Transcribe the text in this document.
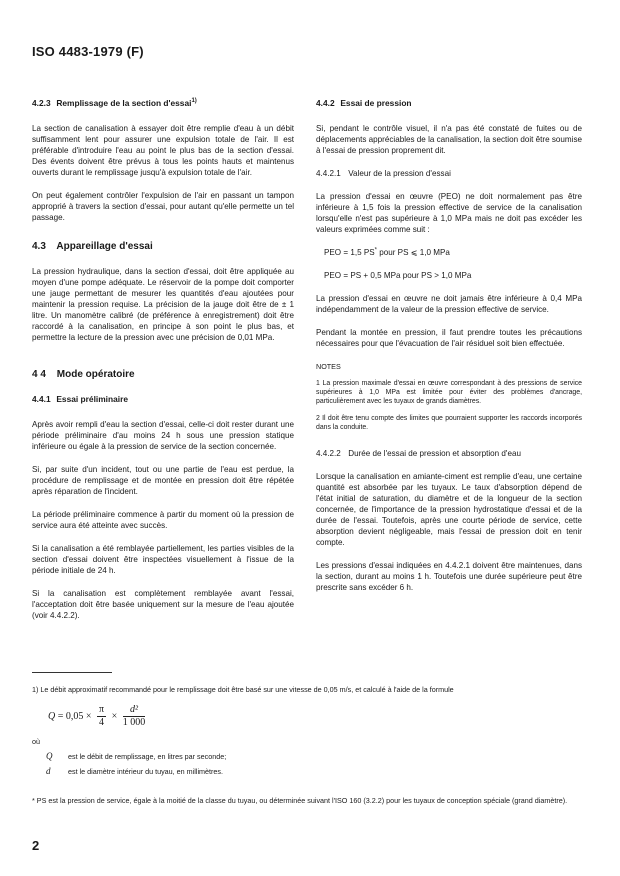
ISO 4483-1979 (F)
4.2.3 Remplissage de la section d'essai$^{1)}$
La section de canalisation à essayer doit être remplie d'eau à un débit suffisamment lent pour assurer une expulsion totale de l'air. Il est préférable d'introduire l'eau au point le plus bas de la section d'essai. Des évents doivent être prévus à tous les points hauts et maintenus ouverts durant le remplissage jusqu'à expulsion totale de l'air.
On peut également contrôler l'expulsion de l'air en passant un tampon approprié à travers la section d'essai, pour autant qu'elle permette un tel passage.
4.3 Appareillage d'essai
La pression hydraulique, dans la section d'essai, doit être appliquée au moyen d'une pompe adéquate. Le réservoir de la pompe doit comporter une jauge permettant de mesurer les quantités d'eau ajoutées pour maintenir la pression requise. La précision de la jauge doit être de ± 1 litre. Un manomètre calibré (de préférence à enregistrement) doit être raccordé à la canalisation, en principe à son point le plus bas, et permettre la lecture de la pression avec une précision de 0,01 MPa.
4 4 Mode opératoire
4.4.1 Essai préliminaire
Après avoir rempli d'eau la section d'essai, celle-ci doit rester durant une période préliminaire d'au moins 24 h sous une pression statique inférieure ou égale à la pression de service de la section concernée.
Si, par suite d'un incident, tout ou une partie de l'eau est perdue, la procédure de remplissage et de montée en pression doit être répétée après réparation de l'incident.
La période préliminaire commence à partir du moment où la pression de service aura été atteinte avec succès.
Si la canalisation a été remblayée partiellement, les parties visibles de la section d'essai doivent être inspectées visuellement à l'issue de la période initiale de 24 h.
Si la canalisation est complètement remblayée avant l'essai, l'acceptation doit être basée uniquement sur la mesure de l'eau ajoutée (voir 4.4.2.2).
4.4.2 Essai de pression
Si, pendant le contrôle visuel, il n'a pas été constaté de fuites ou de déplacements appréciables de la canalisation, la section doit être soumise à l'essai de pression proprement dit.
4.4.2.1 Valeur de la pression d'essai
La pression d'essai en œuvre (PEO) ne doit normalement pas être inférieure à 1,5 fois la pression effective de service de la canalisation lorsqu'elle n'est pas supérieure à 1,0 MPa mais ne doit pas excéder les valeurs exprimées comme suit :
PEO = 1,5 PS* pour PS ⩽ 1,0 MPa
PEO = PS + 0,5 MPa pour PS > 1,0 MPa
La pression d'essai en œuvre ne doit jamais être inférieure à 0,4 MPa indépendamment de la valeur de la pression effective de service.
Pendant la montée en pression, il faut prendre toutes les précautions nécessaires pour que l'évacuation de l'air résiduel soit bien effectuée.
NOTES
1 La pression maximale d'essai en œuvre correspondant à des pressions de service supérieures à 1,0 MPa est limitée pour éviter des problèmes d'ancrage, particulièrement avec les tuyaux de grands diamètres.
2 Il doit être tenu compte des limites que pourraient supporter les raccords incorporés dans la conduite.
4.4.2.2 Durée de l'essai de pression et absorption d'eau
Lorsque la canalisation en amiante-ciment est remplie d'eau, une certaine quantité est absorbée par les tuyaux. Le taux d'absorption dépend de l'état initial de saturation, du diamètre et de la longueur de la section concernée, de l'importance de la pression hydrostatique d'essai et de la durée de l'essai. Toutefois, après une courte période de service, cette absorption devient négligeable, mais l'essai de pression doit en tenir compte.
Les pressions d'essai indiquées en 4.4.2.1 doivent être maintenues, dans la section, durant au moins 1 h. Toutefois une durée supérieure peut être prescrite sans excéder 6 h.
1) Le débit approximatif recommandé pour le remplissage doit être basé sur une vitesse de 0,05 m/s, et calculé à l'aide de la formule
$Q = 0,05 \times \frac{\pi}{4} \times \frac{\text{d²}}{1 000}$
où
Q est le débit de remplissage, en litres par seconde;
d est le diamètre intérieur du tuyau, en millimètres.
* PS est la pression de service, égale à la moitié de la classe du tuyau, ou déterminée suivant l'ISO 160 (3.2.2) pour les tuyaux de conception spéciale (grand diamètre).
2
